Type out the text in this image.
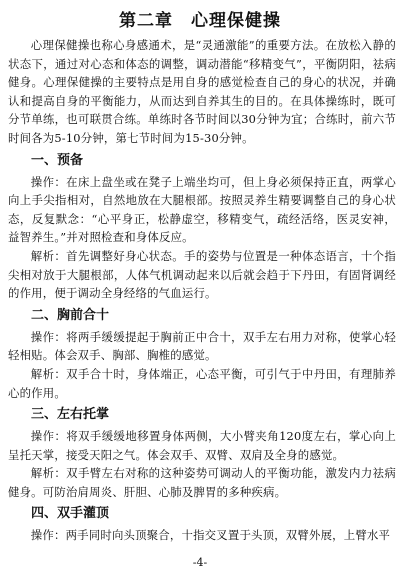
第二章　心理保健操

心理保健操也称心身感通术，是“灵通激能”的重要方法。在放松入静的状态下，通过对心态和体态的调整，调动潜能“移精变气”，平衡阴阳，祛病健身。心理保健操的主要特点是用自身的感觉检查自己的身心的状况，并确认和提高自身的平衡能力，从而达到自养其生的目的。在具体操练时，既可分节单练，也可联贯合练。单练时各节时间以30分钟为宜；合练时，前六节时间各为5-10分钟，第七节时间为15-30分钟。

一、预备

操作：在床上盘坐或在凳子上端坐均可，但上身必须保持正直，两掌心向上手尖指相对，自然地放在大腿根部。按照灵养生精要调整自己的身心状态，反复默念：“心平身正，松静虚空，移精变气，疏经活络，医灵安神，益智养生。”并对照检查和身体反应。

解析：首先调整好身心状态。手的姿势与位置是一种体态语言，十个指尖相对放于大腿根部，人体气机调动起来以后就会趋于下丹田，有固肾调经的作用，便于调动全身经络的气血运行。

二、胸前合十

操作：将两手缓缓提起于胸前正中合十，双手左右用力对称，使掌心轻轻相贴。体会双手、胸部、胸椎的感觉。

解析：双手合十时，身体端正，心态平衡，可引气于中丹田，有理肺养心的作用。

三、左右托掌

操作：将双手缓缓地移置身体两侧，大小臂夹角120度左右，掌心向上呈托天掌，接受天阳之气。体会双手、双臂、双肩及全身的感觉。

解析：双手臂左右对称的这种姿势可调动人的平衡功能，激发内力祛病健身。可防治肩周炎、肝胆、心肺及脾胃的多种疾病。

四、双手灌顶

操作：两手同时向头顶聚合，十指交叉置于头顶，双臂外展，上臂水平

-4-
